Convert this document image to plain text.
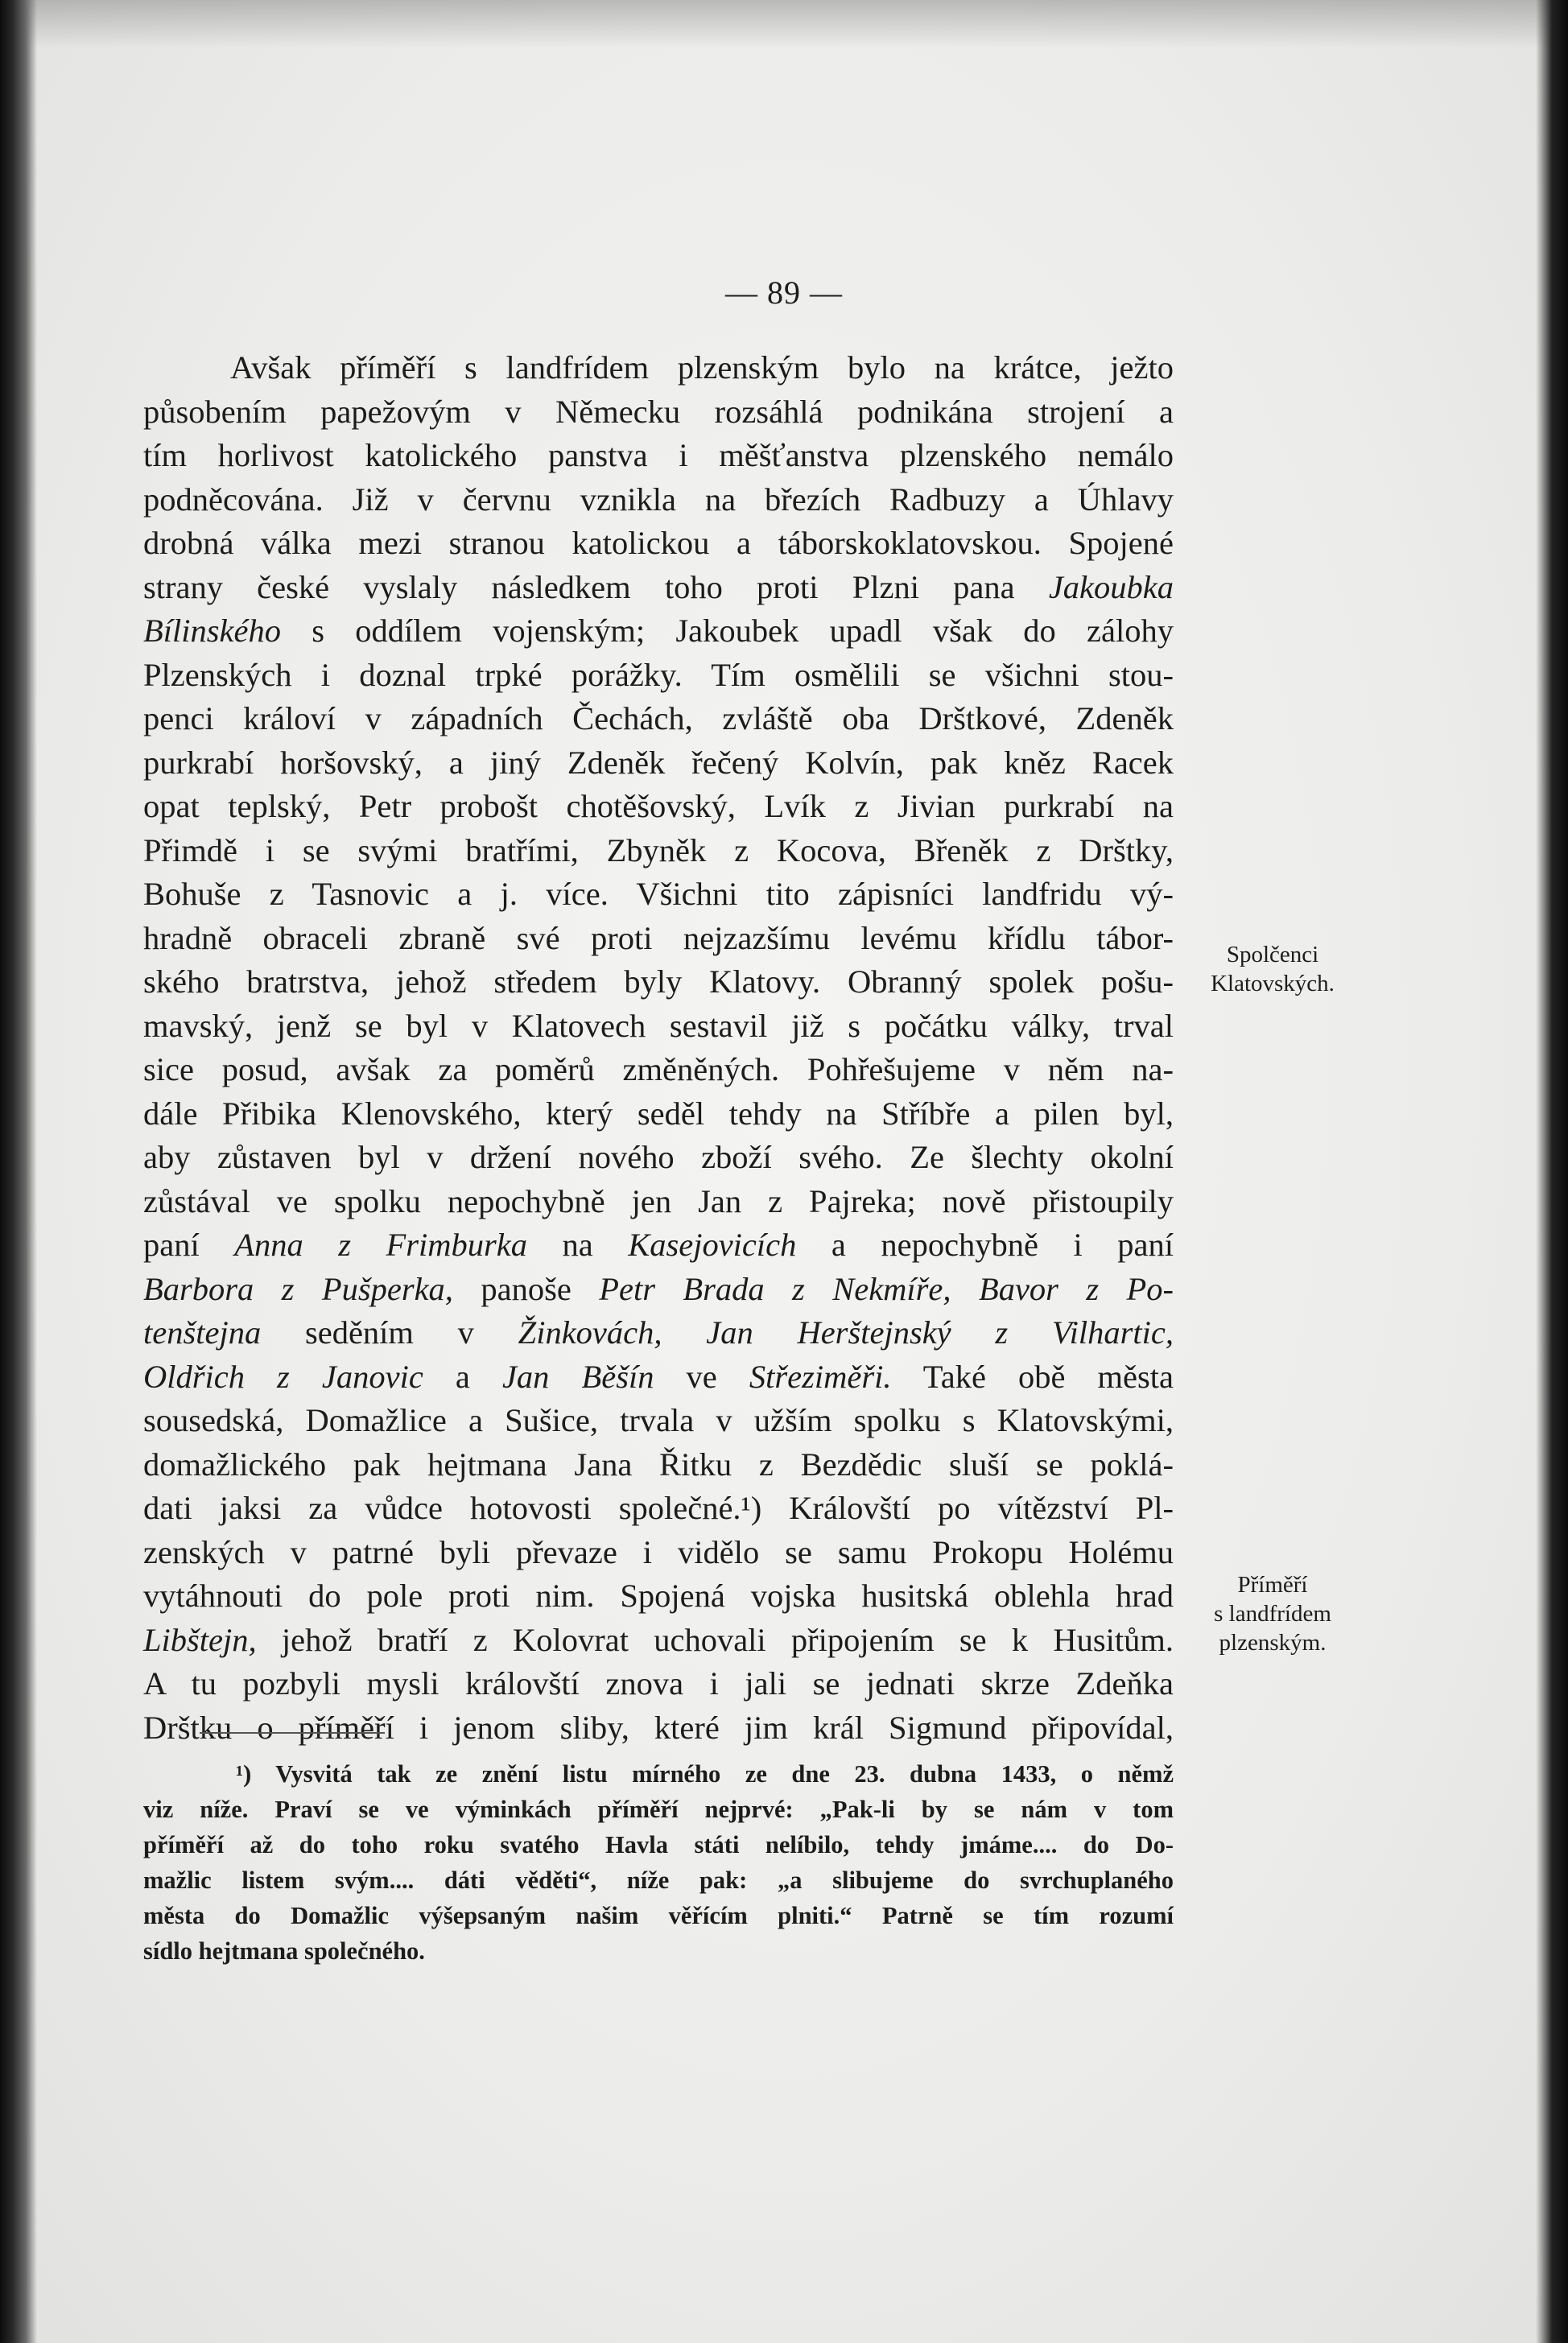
— 89 —
Avšak příměří s landfrídem plzenským bylo na krátce, ježto
působením papežovým v Německu rozsáhlá podnikána strojení a
tím horlivost katolického panstva i měšťanstva plzenského nemálo
podněcována. Již v červnu vznikla na březích Radbuzy a Úhlavy
drobná válka mezi stranou katolickou a táborskoklatovskou. Spojené
strany české vyslaly následkem toho proti Plzni pana Jakoubka
Bílinského s oddílem vojenským; Jakoubek upadl však do zálohy
Plzenských i doznal trpké porážky. Tím osmělili se všichni stou-
penci královí v západních Čechách, zvláště oba Drštkové, Zdeněk
purkrabí horšovský, a jiný Zdeněk řečený Kolvín, pak kněz Racek
opat teplský, Petr probošt chotěšovský, Lvík z Jivian purkrabí na
Přimdě i se svými bratřími, Zbyněk z Kocova, Břeněk z Drštky,
Bohuše z Tasnovic a j. více. Všichni tito zápisníci landfridu vý-
hradně obraceli zbraně své proti nejzazšímu levému křídlu tábor-
ského bratrstva, jehož středem byly Klatovy. Obranný spolek pošu-
mavský, jenž se byl v Klatovech sestavil již s počátku války, trval
sice posud, avšak za poměrů změněných. Pohřešujeme v něm na-
dále Přibika Klenovského, který seděl tehdy na Stříbře a pilen byl,
aby zůstaven byl v držení nového zboží svého. Ze šlechty okolní
zůstával ve spolku nepochybně jen Jan z Pajreka; nově přistoupily
paní Anna z Frimburka na Kasejovicích a nepochybně i paní
Barbora z Pušperka, panoše Petr Brada z Nekmíře, Bavor z Po-
tenštejna seděním v Žinkovách, Jan Herštejnský z Vilhartic,
Oldřich z Janovic a Jan Běšín ve Střeziměři. Také obě města
sousedská, Domažlice a Sušice, trvala v užším spolku s Klatovskými,
domažlického pak hejtmana Jana Řitku z Bezdědic sluší se poklá-
dati jaksi za vůdce hotovosti společné.¹) Královští po vítězství Pl-
zenských v patrné byli převaze i vidělo se samu Prokopu Holému
vytáhnouti do pole proti nim. Spojená vojska husitská oblehla hrad
Libštejn, jehož bratří z Kolovrat uchovali připojením se k Husitům.
A tu pozbyli mysli královští znova i jali se jednati skrze Zdeňka
Drštku o příměří i jenom sliby, které jim král Sigmund připovídal,
Spolčenci
Klatovských.
Příměří
s landfrídem
plzenským.
¹) Vysvitá tak ze znění listu mírného ze dne 23. dubna 1433, o němž
viz níže. Praví se ve výminkách příměří nejprvé: „Pak-li by se nám v tom
příměří až do toho roku svatého Havla státi nelíbilo, tehdy jmáme.... do Do-
mažlic listem svým.... dáti věděti“, níže pak: „a slibujeme do svrchuplaného
města do Domažlic výšepsaným našim věřícím plniti.“ Patrně se tím rozumí
sídlo hejtmana společného.
